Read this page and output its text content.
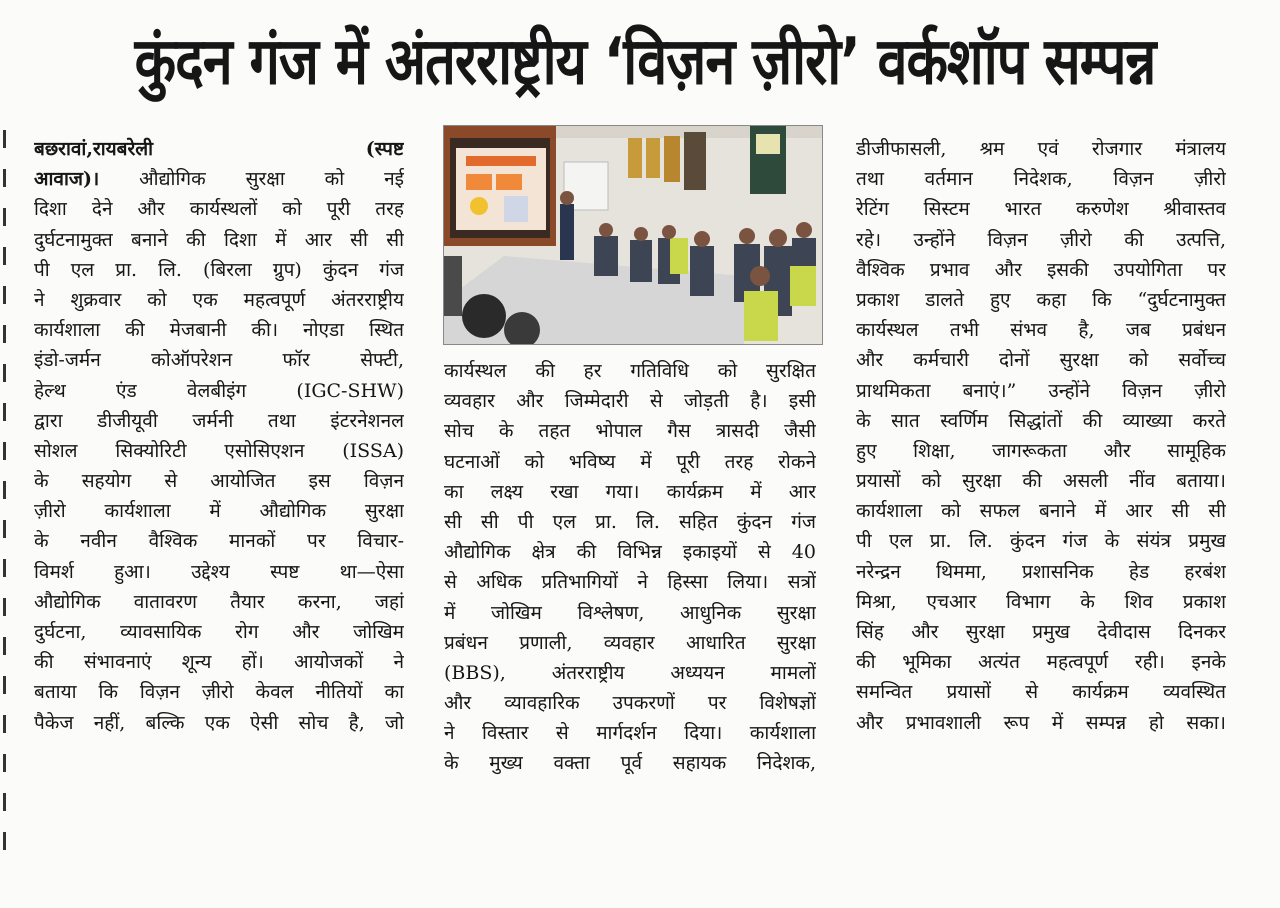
कुंदन गंज में अंतरराष्ट्रीय ‘विज़न ज़ीरो’ वर्कशॉप सम्पन्न
बछरावां,रायबरेली (स्पष्ट
आवाज)। औद्योगिक सुरक्षा को नई
दिशा देने और कार्यस्थलों को पूरी तरह
दुर्घटनामुक्त बनाने की दिशा में आर सी सी
पी एल प्रा. लि. (बिरला ग्रुप) कुंदन गंज
ने शुक्रवार को एक महत्वपूर्ण अंतरराष्ट्रीय
कार्यशाला की मेजबानी की। नोएडा स्थित
इंडो-जर्मन कोऑपरेशन फॉर सेफ्टी,
हेल्थ एंड वेलबीइंग (IGC-SHW)
द्वारा डीजीयूवी जर्मनी तथा इंटरनेशनल
सोशल सिक्योरिटी एसोसिएशन (ISSA)
के सहयोग से आयोजित इस विज़न
ज़ीरो कार्यशाला में औद्योगिक सुरक्षा
के नवीन वैश्विक मानकों पर विचार-
विमर्श हुआ। उद्देश्य स्पष्ट था—ऐसा
औद्योगिक वातावरण तैयार करना, जहां
दुर्घटना, व्यावसायिक रोग और जोखिम
की संभावनाएं शून्य हों। आयोजकों ने
बताया कि विज़न ज़ीरो केवल नीतियों का
पैकेज नहीं, बल्कि एक ऐसी सोच है, जो
कार्यस्थल की हर गतिविधि को सुरक्षित
व्यवहार और जिम्मेदारी से जोड़ती है। इसी
सोच के तहत भोपाल गैस त्रासदी जैसी
घटनाओं को भविष्य में पूरी तरह रोकने
का लक्ष्य रखा गया। कार्यक्रम में आर
सी सी पी एल प्रा. लि. सहित कुंदन गंज
औद्योगिक क्षेत्र की विभिन्न इकाइयों से 40
से अधिक प्रतिभागियों ने हिस्सा लिया। सत्रों
में जोखिम विश्लेषण, आधुनिक सुरक्षा
प्रबंधन प्रणाली, व्यवहार आधारित सुरक्षा
(BBS), अंतरराष्ट्रीय अध्ययन मामलों
और व्यावहारिक उपकरणों पर विशेषज्ञों
ने विस्तार से मार्गदर्शन दिया। कार्यशाला
के मुख्य वक्ता पूर्व सहायक निदेशक,
डीजीफासली, श्रम एवं रोजगार मंत्रालय
तथा वर्तमान निदेशक, विज़न ज़ीरो
रेटिंग सिस्टम भारत करुणेश श्रीवास्तव
रहे। उन्होंने विज़न ज़ीरो की उत्पत्ति,
वैश्विक प्रभाव और इसकी उपयोगिता पर
प्रकाश डालते हुए कहा कि “दुर्घटनामुक्त
कार्यस्थल तभी संभव है, जब प्रबंधन
और कर्मचारी दोनों सुरक्षा को सर्वोच्च
प्राथमिकता बनाएं।” उन्होंने विज़न ज़ीरो
के सात स्वर्णिम सिद्धांतों की व्याख्या करते
हुए शिक्षा, जागरूकता और सामूहिक
प्रयासों को सुरक्षा की असली नींव बताया।
कार्यशाला को सफल बनाने में आर सी सी
पी एल प्रा. लि. कुंदन गंज के संयंत्र प्रमुख
नरेन्द्रन थिममा, प्रशासनिक हेड हरबंश
मिश्रा, एचआर विभाग के शिव प्रकाश
सिंह और सुरक्षा प्रमुख देवीदास दिनकर
की भूमिका अत्यंत महत्वपूर्ण रही। इनके
समन्वित प्रयासों से कार्यक्रम व्यवस्थित
और प्रभावशाली रूप में सम्पन्न हो सका।
